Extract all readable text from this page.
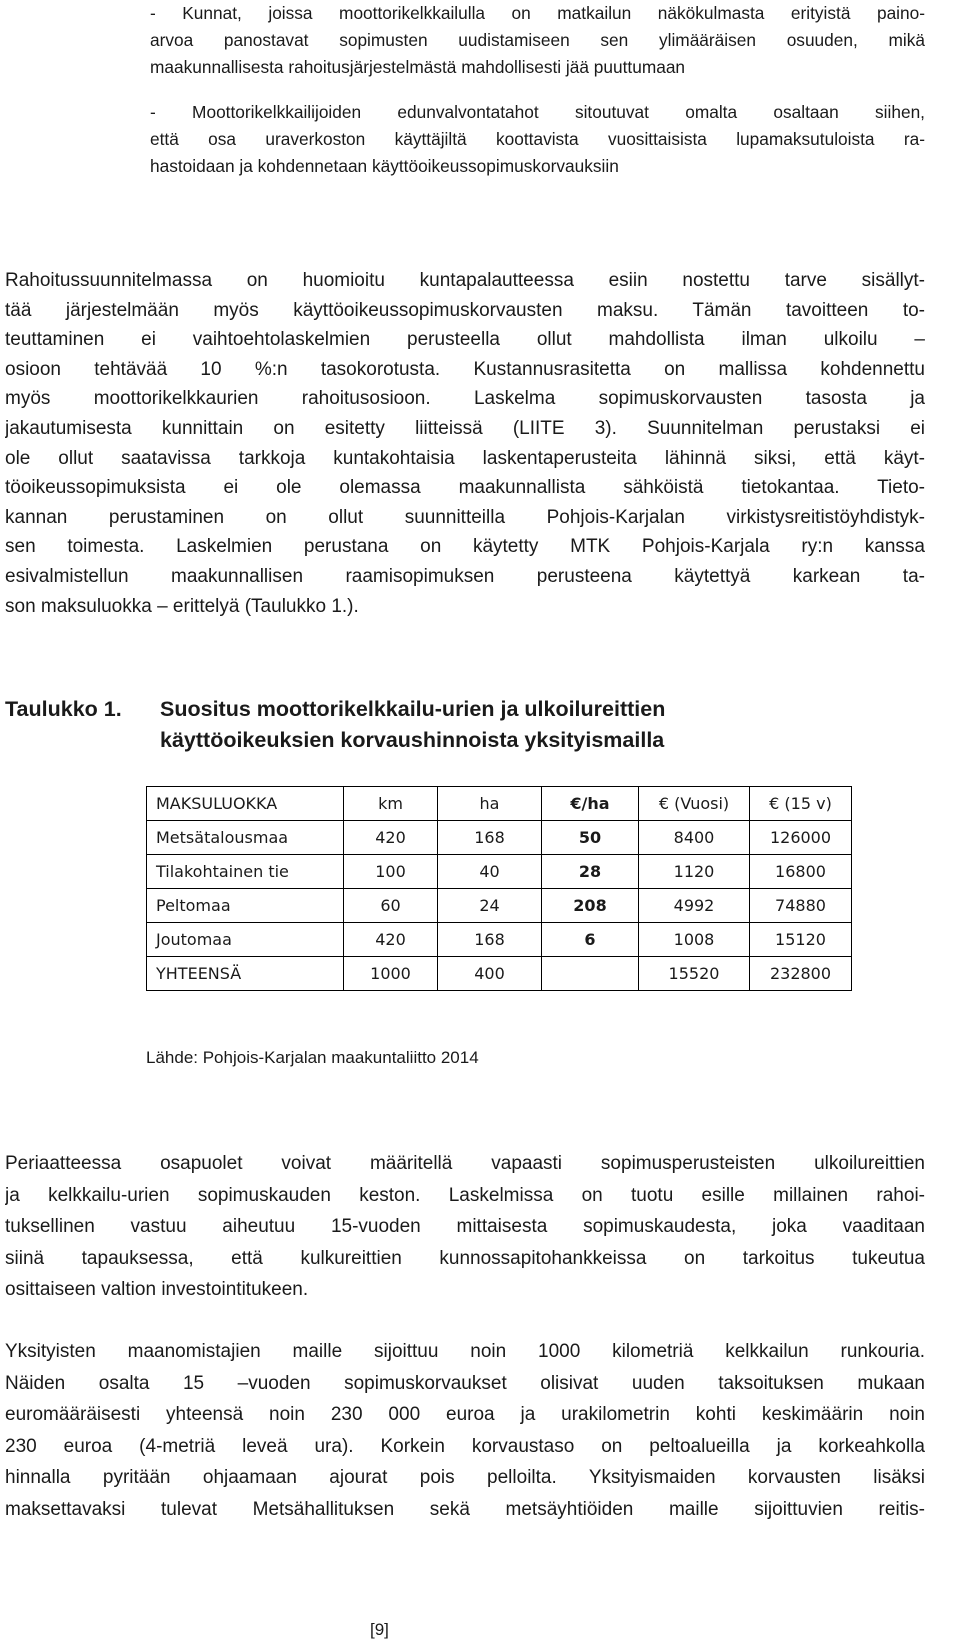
- Kunnat, joissa moottorikelkkailulla on matkailun näkökulmasta erityistä paino-
arvoa panostavat sopimusten uudistamiseen sen ylimääräisen osuuden, mikä
maakunnallisesta rahoitusjärjestelmästä mahdollisesti jää puuttumaan
- Moottorikelkkailijoiden edunvalvontatahot sitoutuvat omalta osaltaan siihen,
että osa uraverkoston käyttäjiltä koottavista vuosittaisista lupamaksutuloista ra-
hastoidaan ja kohdennetaan käyttöoikeussopimuskorvauksiin
Rahoitussuunnitelmassa on huomioitu kuntapalautteessa esiin nostettu tarve sisällyt-
tää järjestelmään myös käyttöoikeussopimuskorvausten maksu. Tämän tavoitteen to-
teuttaminen ei vaihtoehtolaskelmien perusteella ollut mahdollista ilman ulkoilu –
osioon tehtävää 10 %:n tasokorotusta. Kustannusrasitetta on mallissa kohdennettu
myös moottorikelkkaurien rahoitusosioon. Laskelma sopimuskorvausten tasosta ja
jakautumisesta kunnittain on esitetty liitteissä (LIITE 3). Suunnitelman perustaksi ei
ole ollut saatavissa tarkkoja kuntakohtaisia laskentaperusteita lähinnä siksi, että käyt-
töoikeussopimuksista ei ole olemassa maakunnallista sähköistä tietokantaa. Tieto-
kannan perustaminen on ollut suunnitteilla Pohjois-Karjalan virkistysreitistöyhdistyk-
sen toimesta. Laskelmien perustana on käytetty MTK Pohjois-Karjala ry:n kanssa
esivalmistellun maakunnallisen raamisopimuksen perusteena käytettyä karkean ta-
son maksuluokka – erittelyä (Taulukko 1.).
Taulukko 1. Suositus moottorikelkkailu-urien ja ulkoilureittien
käyttöoikeuksien korvaushinnoista yksityismailla
MAKSULUOKKA	km	ha	€/ha	€ (Vuosi)	€ (15 v)
Metsätalousmaa	420	168	50	8400	126000
Tilakohtainen tie	100	40	28	1120	16800
Peltomaa	60	24	208	4992	74880
Joutomaa	420	168	6	1008	15120
YHTEENSÄ	1000	400		15520	232800
Lähde: Pohjois-Karjalan maakuntaliitto 2014
Periaatteessa osapuolet voivat määritellä vapaasti sopimusperusteisten ulkoilureittien
ja kelkkailu-urien sopimuskauden keston. Laskelmissa on tuotu esille millainen rahoi-
tuksellinen vastuu aiheutuu 15-vuoden mittaisesta sopimuskaudesta, joka vaaditaan
siinä tapauksessa, että kulkureittien kunnossapitohankkeissa on tarkoitus tukeutua
osittaiseen valtion investointitukeen.
Yksityisten maanomistajien maille sijoittuu noin 1000 kilometriä kelkkailun runkouria.
Näiden osalta 15 –vuoden sopimuskorvaukset olisivat uuden taksoituksen mukaan
euromääräisesti yhteensä noin 230 000 euroa ja urakilometrin kohti keskimäärin noin
230 euroa (4-metriä leveä ura). Korkein korvaustaso on peltoalueilla ja korkeahkolla
hinnalla pyritään ohjaamaan ajourat pois pelloilta. Yksityismaiden korvausten lisäksi
maksettavaksi tulevat Metsähallituksen sekä metsäyhtiöiden maille sijoittuvien reitis-
[9]
